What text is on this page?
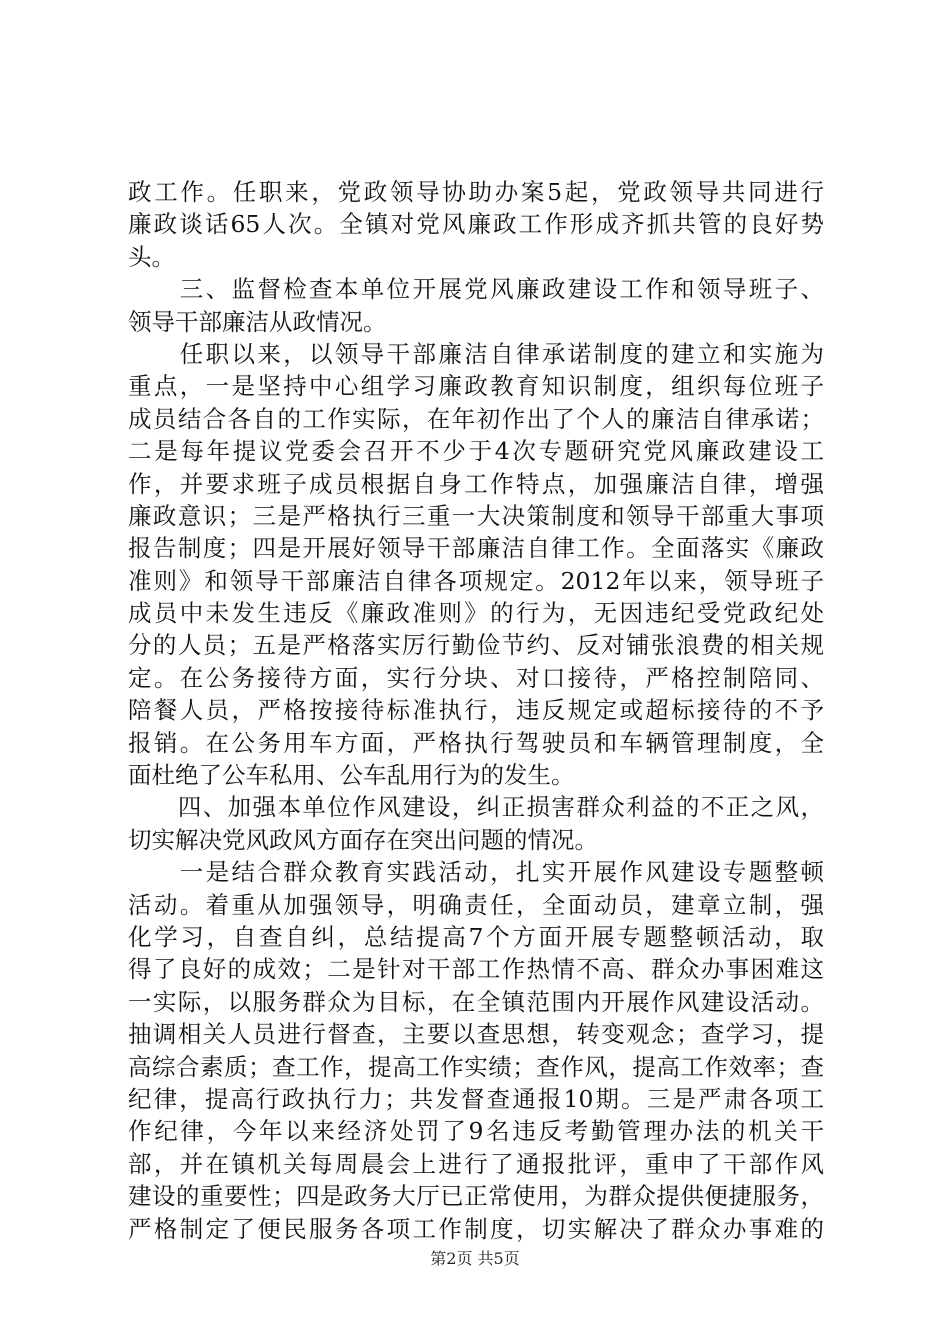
政工作。任职来，党政领导协助办案5起，党政领导共同进行
廉政谈话65人次。全镇对党风廉政工作形成齐抓共管的良好势
头。
　　三、监督检查本单位开展党风廉政建设工作和领导班子、
领导干部廉洁从政情况。
　　任职以来，以领导干部廉洁自律承诺制度的建立和实施为
重点，一是坚持中心组学习廉政教育知识制度，组织每位班子
成员结合各自的工作实际，在年初作出了个人的廉洁自律承诺；
二是每年提议党委会召开不少于4次专题研究党风廉政建设工
作，并要求班子成员根据自身工作特点，加强廉洁自律，增强
廉政意识；三是严格执行三重一大决策制度和领导干部重大事项
报告制度；四是开展好领导干部廉洁自律工作。全面落实《廉政
准则》和领导干部廉洁自律各项规定。2012年以来，领导班子
成员中未发生违反《廉政准则》的行为，无因违纪受党政纪处
分的人员；五是严格落实厉行勤俭节约、反对铺张浪费的相关规
定。在公务接待方面，实行分块、对口接待，严格控制陪同、
陪餐人员，严格按接待标准执行，违反规定或超标接待的不予
报销。在公务用车方面，严格执行驾驶员和车辆管理制度，全
面杜绝了公车私用、公车乱用行为的发生。
　　四、加强本单位作风建设，纠正损害群众利益的不正之风，
切实解决党风政风方面存在突出问题的情况。
　　一是结合群众教育实践活动，扎实开展作风建设专题整顿
活动。着重从加强领导，明确责任，全面动员，建章立制，强
化学习，自查自纠，总结提高7个方面开展专题整顿活动，取
得了良好的成效；二是针对干部工作热情不高、群众办事困难这
一实际，以服务群众为目标，在全镇范围内开展作风建设活动。
抽调相关人员进行督查，主要以查思想，转变观念；查学习，提
高综合素质；查工作，提高工作实绩；查作风，提高工作效率；查
纪律，提高行政执行力；共发督查通报10期。三是严肃各项工
作纪律，今年以来经济处罚了9名违反考勤管理办法的机关干
部，并在镇机关每周晨会上进行了通报批评，重申了干部作风
建设的重要性；四是政务大厅已正常使用，为群众提供便捷服务，
严格制定了便民服务各项工作制度，切实解决了群众办事难的
第2页 共5页
